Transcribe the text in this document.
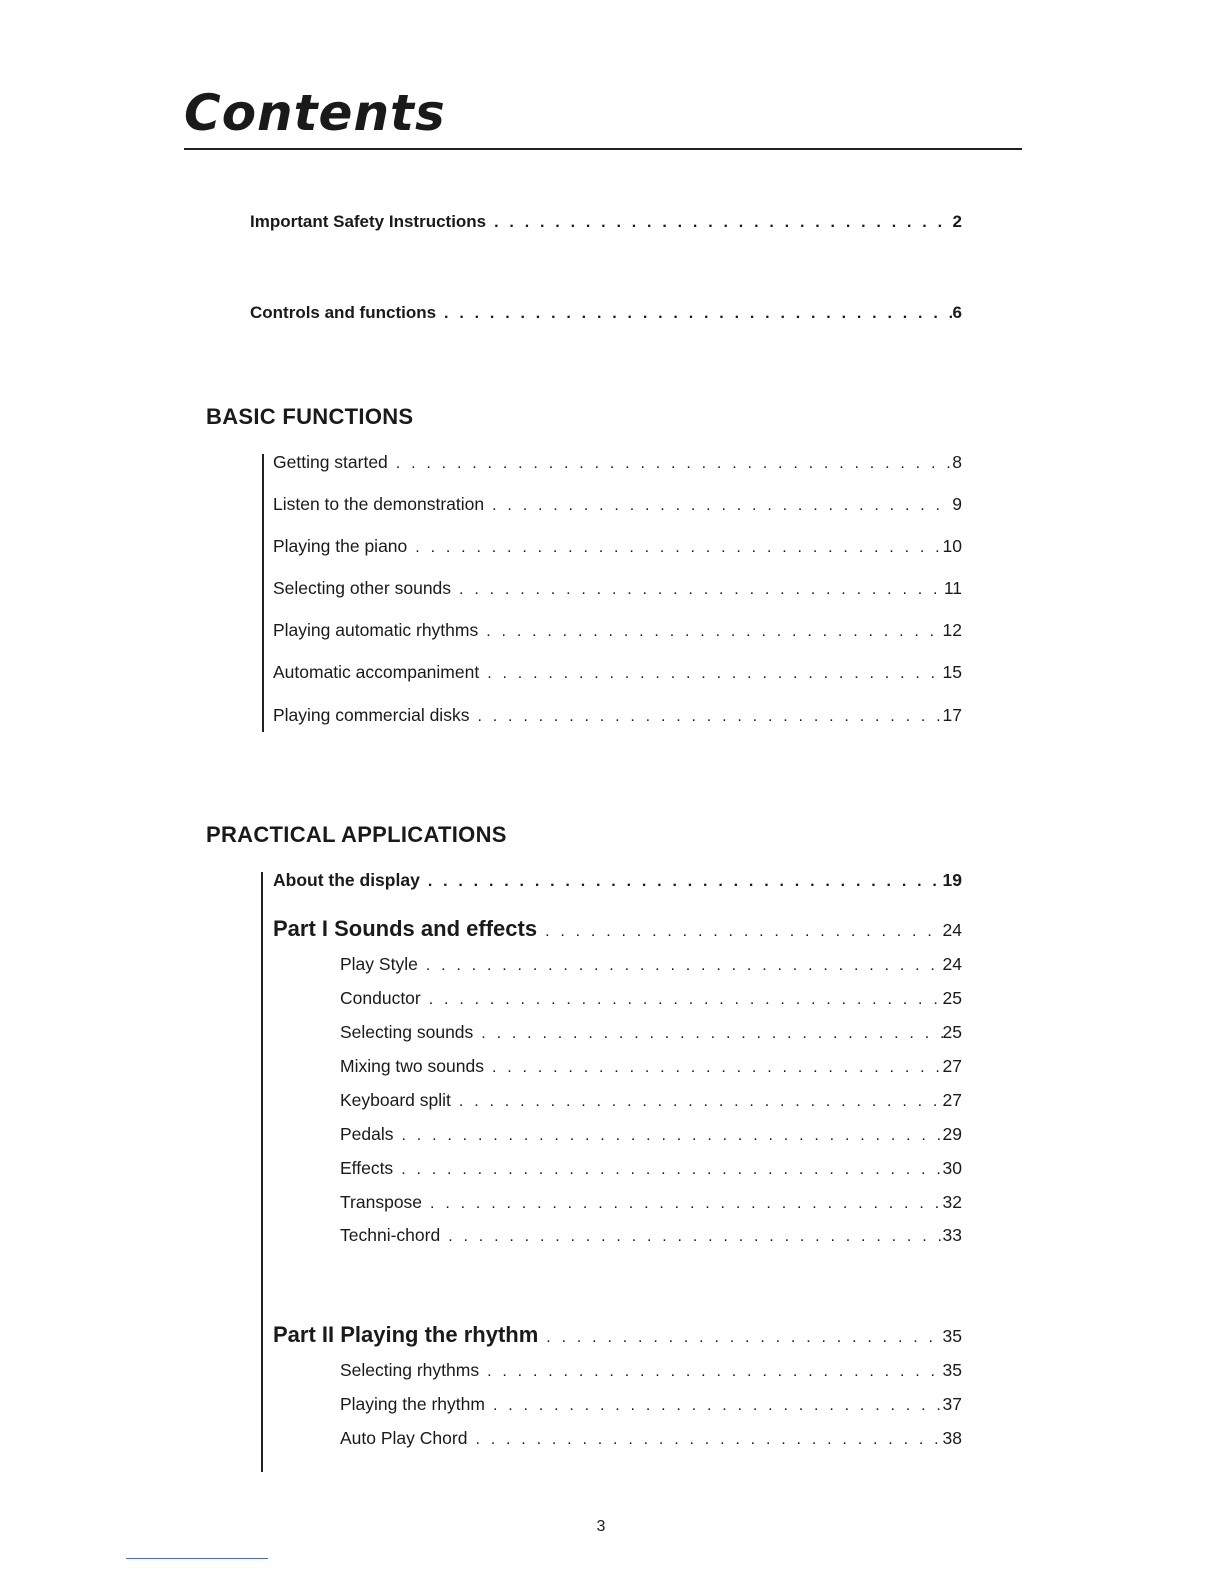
Contents
Important Safety Instructions . . .	2
Controls and functions . . .	6
BASIC FUNCTIONS
Getting started . . .	8
Listen to the demonstration . . .	9
Playing the piano . . .	10
Selecting other sounds . . .	11
Playing automatic rhythms . . .	12
Automatic accompaniment . . .	15
Playing commercial disks . . .	17
PRACTICAL APPLICATIONS
About the display . . .	19
Part I Sounds and effects . . .	24
Play Style . . .	24
Conductor . . .	25
Selecting sounds . . .	25
Mixing two sounds . . .	27
Keyboard split . . .	27
Pedals . . .	29
Effects . . .	30
Transpose . . .	32
Techni-chord . . .	33
Part II Playing the rhythm . . .	35
Selecting rhythms . . .	35
Playing the rhythm . . .	37
Auto Play Chord . . .	38
3
